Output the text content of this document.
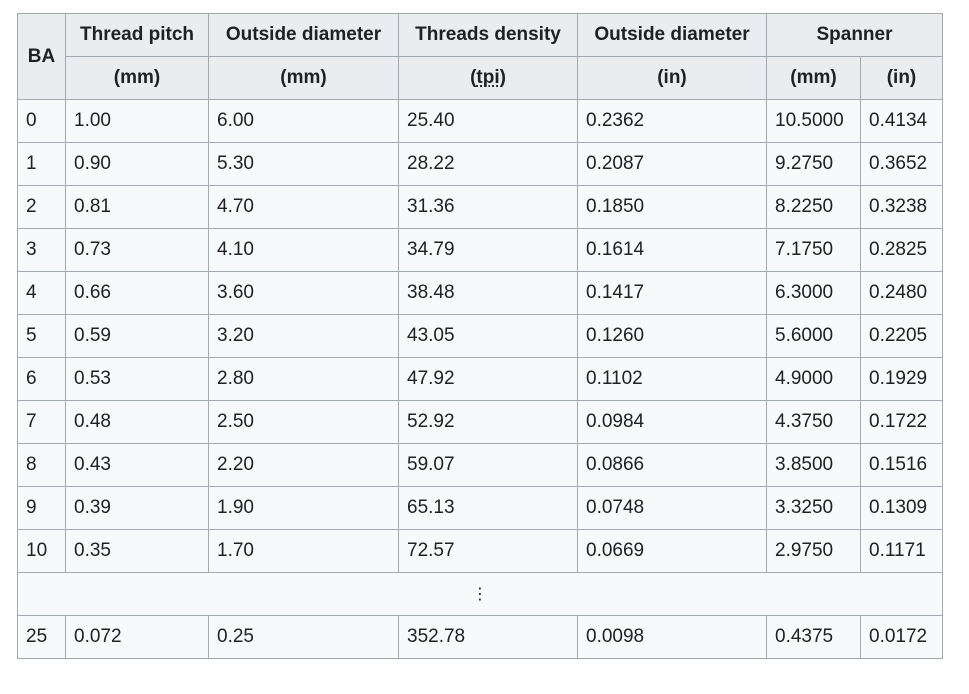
BA	Thread pitch	Outside diameter	Threads density	Outside diameter	Spanner	
	(mm)	(mm)	(tpi)	(in)	(mm)	(in)
0	1.00	6.00	25.40	0.2362	10.5000	0.4134
1	0.90	5.30	28.22	0.2087	9.2750	0.3652
2	0.81	4.70	31.36	0.1850	8.2250	0.3238
3	0.73	4.10	34.79	0.1614	7.1750	0.2825
4	0.66	3.60	38.48	0.1417	6.3000	0.2480
5	0.59	3.20	43.05	0.1260	5.6000	0.2205
6	0.53	2.80	47.92	0.1102	4.9000	0.1929
7	0.48	2.50	52.92	0.0984	4.3750	0.1722
8	0.43	2.20	59.07	0.0866	3.8500	0.1516
9	0.39	1.90	65.13	0.0748	3.3250	0.1309
10	0.35	1.70	72.57	0.0669	2.9750	0.1171
⋮						
25	0.072	0.25	352.78	0.0098	0.4375	0.0172
